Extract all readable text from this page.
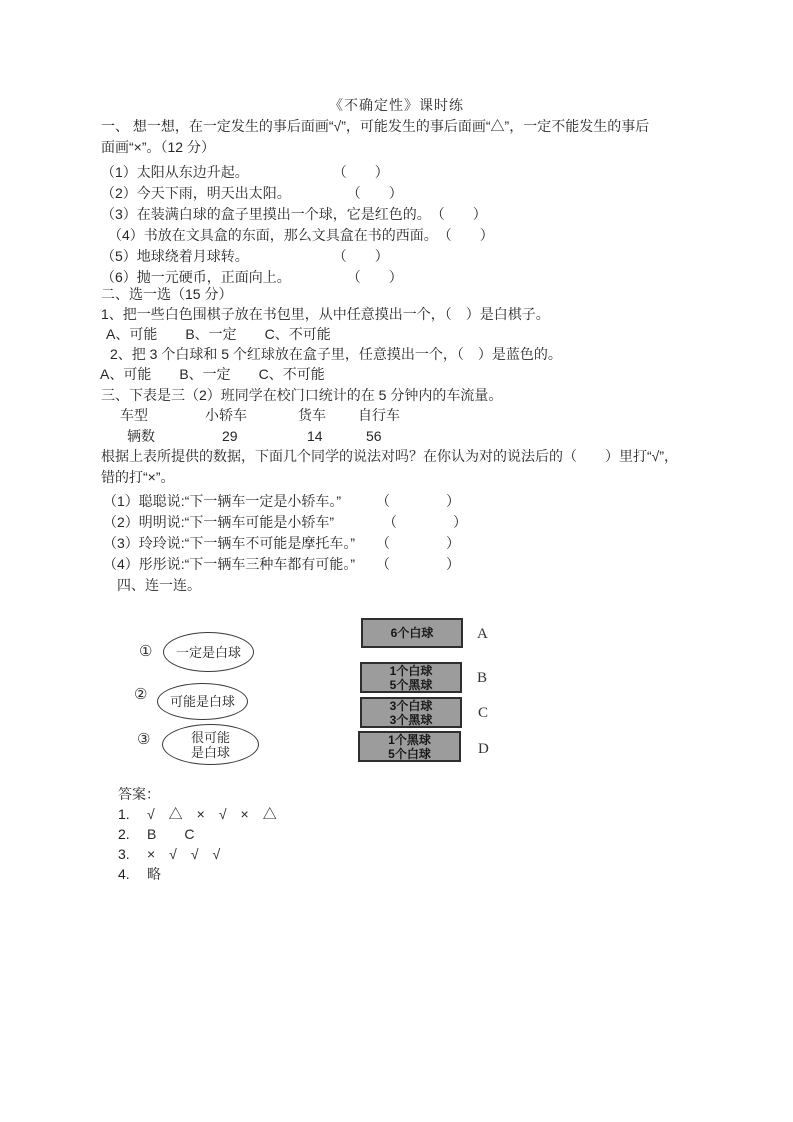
《不确定性》课时练
一、 想一想，在一定发生的事后面画“√”，可能发生的事后面画“△”，一定不能发生的事后
面画“×”。（12 分）
（1）太阳从东边升起。　　　　　　　（　　）
（2）今天下雨，明天出太阳。　　　　　（　　）
（3）在装满白球的盒子里摸出一个球，它是红色的。　（　　）
（4）书放在文具盒的东面，那么文具盒在书的西面。　（　　）
（5）地球绕着月球转。　　　　　　　（　　）
（6）抛一元硬币，正面向上。　　　　　（　　）
二、选一选（15 分）
1、把一些白色围棋子放在书包里，从中任意摸出一个，（　）是白棋子。
A、可能　　B、一定　　C、不可能
2、把 3 个白球和 5 个红球放在盒子里，任意摸出一个，（　）是蓝色的。
A、可能　　B、一定　　C、不可能
三、下表是三（2）班同学在校门口统计的在 5 分钟内的车流量。
车型	小轿车	货车 自行车
辆数	29	14	56
根据上表所提供的数据，下面几个同学的说法对吗？在你认为对的说法后的（　　）里打“√”，
错的打“×”。
（1）聪聪说:“下一辆车一定是小轿车。”　　　（　　　　）
（2）明明说:“下一辆车可能是小轿车”　　　　（　　　　）
（3）玲玲说:“下一辆车不可能是摩托车。”　　（　　　　）
（4）彤彤说:“下一辆车三种车都有可能。”　　（　　　　）
四、连一连。
① 一定是白球
② 可能是白球
③	很可能
是白球
6个白球	A
1个白球
5个黑球	B
3个白球
3个黑球	C
1个黑球
5个白球	D
答案：
1. √　△　×　√　×　△
2. B　　C
3. ×　√　√　√
4. 略
